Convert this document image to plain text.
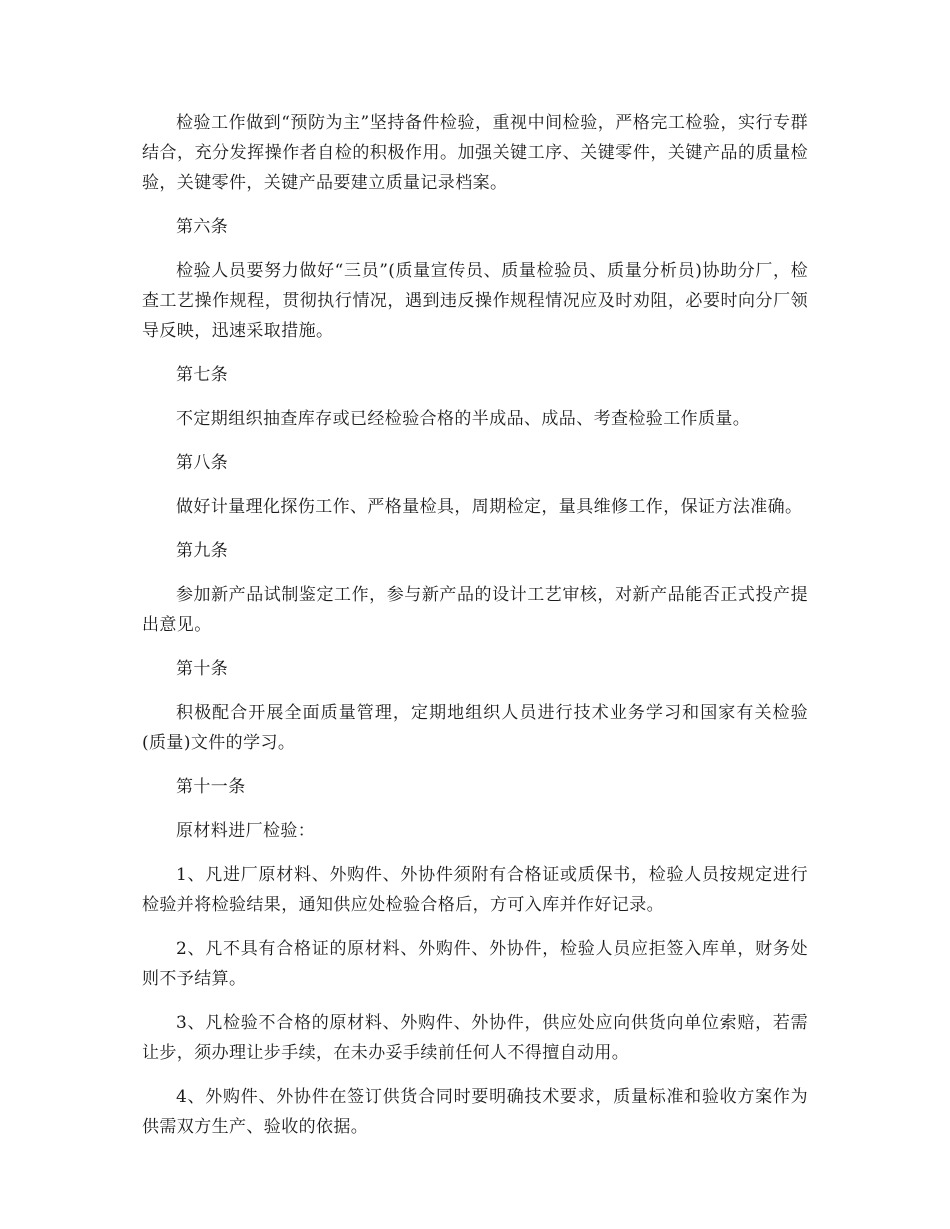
检验工作做到“预防为主”坚持备件检验，重视中间检验，严格完工检验，实行专群结合，充分发挥操作者自检的积极作用。加强关键工序、关键零件，关键产品的质量检验，关键零件，关键产品要建立质量记录档案。

第六条

检验人员要努力做好“三员”(质量宣传员、质量检验员、质量分析员)协助分厂，检查工艺操作规程，贯彻执行情况，遇到违反操作规程情况应及时劝阻，必要时向分厂领导反映，迅速采取措施。

第七条

不定期组织抽查库存或已经检验合格的半成品、成品、考查检验工作质量。

第八条

做好计量理化探伤工作、严格量检具，周期检定，量具维修工作，保证方法准确。

第九条

参加新产品试制鉴定工作，参与新产品的设计工艺审核，对新产品能否正式投产提出意见。

第十条

积极配合开展全面质量管理，定期地组织人员进行技术业务学习和国家有关检验(质量)文件的学习。

第十一条

原材料进厂检验：

1、凡进厂原材料、外购件、外协件须附有合格证或质保书，检验人员按规定进行检验并将检验结果，通知供应处检验合格后，方可入库并作好记录。

2、凡不具有合格证的原材料、外购件、外协件，检验人员应拒签入库单，财务处则不予结算。

3、凡检验不合格的原材料、外购件、外协件，供应处应向供货向单位索赔，若需让步，须办理让步手续，在未办妥手续前任何人不得擅自动用。

4、外购件、外协件在签订供货合同时要明确技术要求，质量标准和验收方案作为供需双方生产、验收的依据。
